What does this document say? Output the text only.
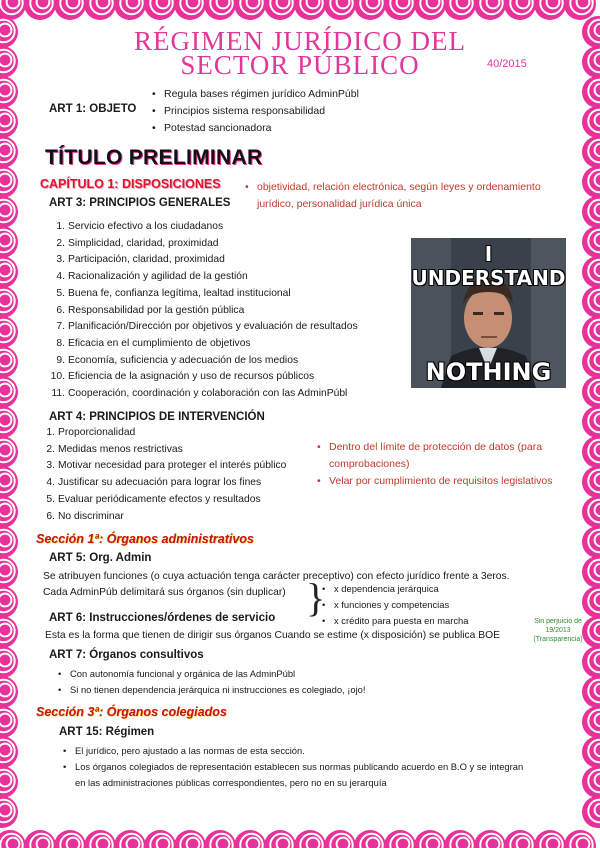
RÉGIMEN JURÍDICO DEL
SECTOR PÚBLICO	40/2015
ART 1: OBJETO
• Regula bases régimen jurídico AdminPúbl
• Principios sistema responsabilidad
• Potestad sancionadora
TÍTULO PRELIMINAR
CAPÍTULO 1: DISPOSICIONES	• objetividad, relación electrónica, según leyes y ordenamiento jurídico, personalidad jurídica única
ART 3: PRINCIPIOS GENERALES
1. Servicio efectivo a los ciudadanos
2. Simplicidad, claridad, proximidad
3. Participación, claridad, proximidad
4. Racionalización y agilidad de la gestión
5. Buena fe, confianza legítima, lealtad institucional
6. Responsabilidad por la gestión pública
7. Planificación/Dirección por objetivos y evaluación de resultados
8. Eficacia en el cumplimiento de objetivos
9. Economía, suficiencia y adecuación de los medios
10. Eficiencia de la asignación y uso de recursos públicos
11. Cooperación, coordinación y colaboración con las AdminPúbl
I UNDERSTAND
NOTHING
ART 4: PRINCIPIOS DE INTERVENCIÓN
1. Proporcionalidad
2. Medidas menos restrictivas
3. Motivar necesidad para proteger el interés público
4. Justificar su adecuación para lograr los fines
5. Evaluar periódicamente efectos y resultados
6. No discriminar
• Dentro del límite de protección de datos (para comprobaciones)
• Velar por cumplimiento de requisitos legislativos
Sección 1ª: Órganos administrativos
ART 5: Org. Admin
Se atribuyen funciones (o cuya actuación tenga carácter preceptivo) con efecto jurídico frente a 3eros.
Cada AdminPúb delimitará sus órganos (sin duplicar) } • x dependencia jerárquica
• x funciones y competencias
• x crédito para puesta en marcha
ART 6: Instrucciones/órdenes de servicio
Esta es la forma que tienen de dirigir sus órganos Cuando se estime (x disposición) se publica BOE
Sin perjuicio de 19/2013 (Transparencia)
ART 7: Órganos consultivos
• Con autonomía funcional y orgánica de las AdminPúbl
• Si no tienen dependencia jerárquica ni instrucciones es colegiado, ¡ojo!
Sección 3ª: Órganos colegiados
ART 15: Régimen
• El jurídico, pero ajustado a las normas de esta sección.
• Los órganos colegiados de representación establecen sus normas publicando acuerdo en B.O y se integran en las administraciones públicas correspondientes, pero no en su jerarquía
